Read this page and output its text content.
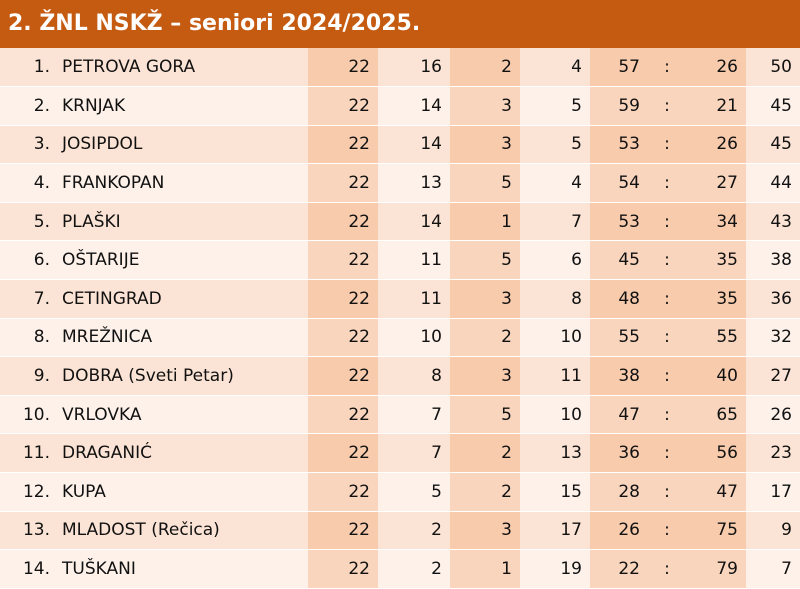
2. ŽNL NSKŽ – seniori 2024/2025.
1.	PETROVA GORA	22	16	2	4	57	:	26	50
2.	KRNJAK	22	14	3	5	59	:	21	45
3.	JOSIPDOL	22	14	3	5	53	:	26	45
4.	FRANKOPAN	22	13	5	4	54	:	27	44
5.	PLAŠKI	22	14	1	7	53	:	34	43
6.	OŠTARIJE	22	11	5	6	45	:	35	38
7.	CETINGRAD	22	11	3	8	48	:	35	36
8.	MREŽNICA	22	10	2	10	55	:	55	32
9.	DOBRA (Sveti Petar)	22	8	3	11	38	:	40	27
10.	VRLOVKA	22	7	5	10	47	:	65	26
11.	DRAGANIĆ	22	7	2	13	36	:	56	23
12.	KUPA	22	5	2	15	28	:	47	17
13.	MLADOST (Rečica)	22	2	3	17	26	:	75	9
14.	TUŠKANI	22	2	1	19	22	:	79	7
